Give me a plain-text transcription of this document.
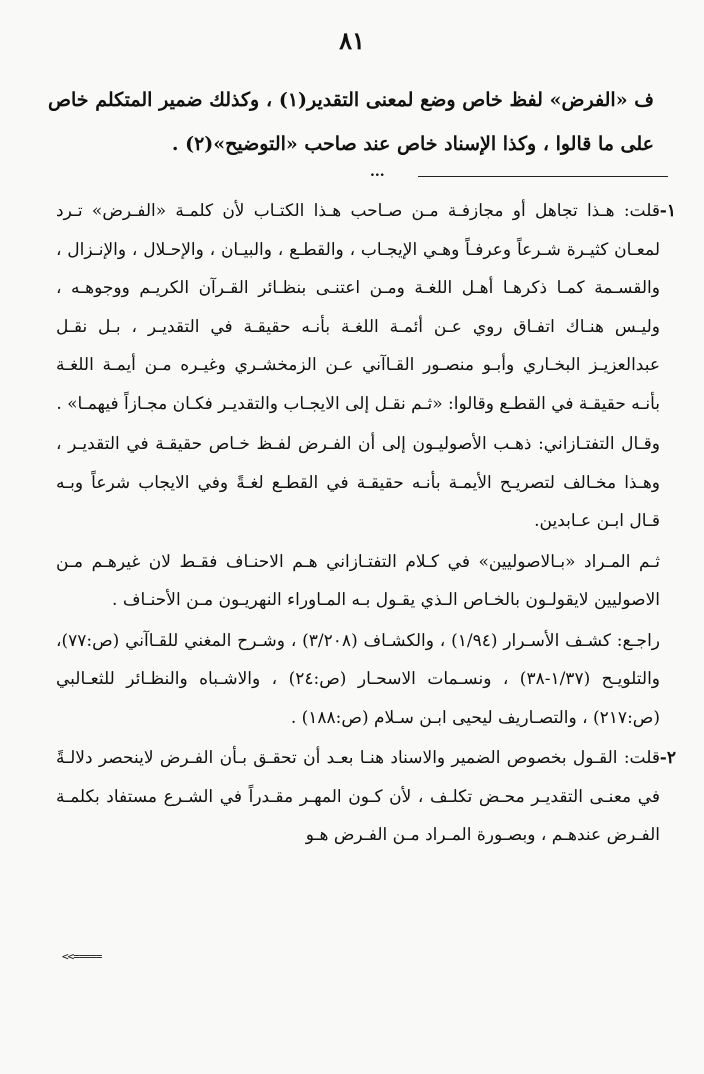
٨١

ف «الفرض» لفظ خاص وضع لمعنى التقدير(١) ، وكذلك ضمير المتكلم خاص على ما قالوا ، وكذا الإسناد خاص عند صاحب «التوضيح»(٢) .

...
١-

قلت: هـذا تجاهل أو مجازفـة مـن صـاحب هـذا الكتـاب لأن كلمـة «الفـرض» تـرد لمعـان كثيـرة شـرعاً وعرفـاً وهـي الإيجـاب ، والقطـع ، والبيـان ، والإحـلال ، والإنـزال ، والقسـمة كمـا ذكرهـا أهـل اللغـة ومـن اعتنـى بنظـائر القـرآن الكريـم ووجوهـه ، وليـس هنـاك اتفـاق روي عـن أئمـة اللغـة بأنـه حقيقـة في التقديـر ، بـل نقـل عبدالعزيـز البخـاري وأبـو منصـور القـاآني عـن الزمخشـري وغيـره مـن أيمـة اللغـة بأنـه حقيقـة في القطـع وقالوا: «ثـم نقـل إلى الايجـاب والتقديـر فكـان مجـازاً فيهمـا» .

وقـال التفتـازاني: ذهـب الأصوليـون إلى أن الفـرض لفـظ خـاص حقيقـة في التقديـر ، وهـذا مخـالف لتصريـح الأيمـة بأنـه حقيقـة في القطـع لغـةً وفي الايجاب شرعاً وبـه قـال ابـن عـابدين.

ثـم المـراد «بـالاصوليين» في كـلام التفتـازاني هـم الاحنـاف فقـط لان غيرهـم مـن الاصوليين لايقولـون بالخـاص الـذي يقـول بـه المـاوراء النهريـون مـن الأحنـاف .

راجـع: كشـف الأسـرار (١/٩٤) ، والكشـاف (٣/٢٠٨) ، وشـرح المغني للقـاآني (ص:٧٧)، والتلويـح (١/٣٧-٣٨) ، ونسـمات الاسحـار (ص:٢٤) ، والاشـباه والنظـائر للثعـالبي (ص:٢١٧) ، والتصـاريف ليحيى ابـن سـلام (ص:١٨٨) .

٢-

قلت: القـول بخصوص الضمير والاسناد هنـا بعـد أن تحقـق بـأن الفـرض لاينحصر دلالـةً في معنـى التقديـر محـض تكلـف ، لأن كـون المهـر مقـدراً في الشـرع مستفاد بكلمـة الفـرض عندهـم ، وبصـورة المـراد مـن الفـرض هـو

<<=====
